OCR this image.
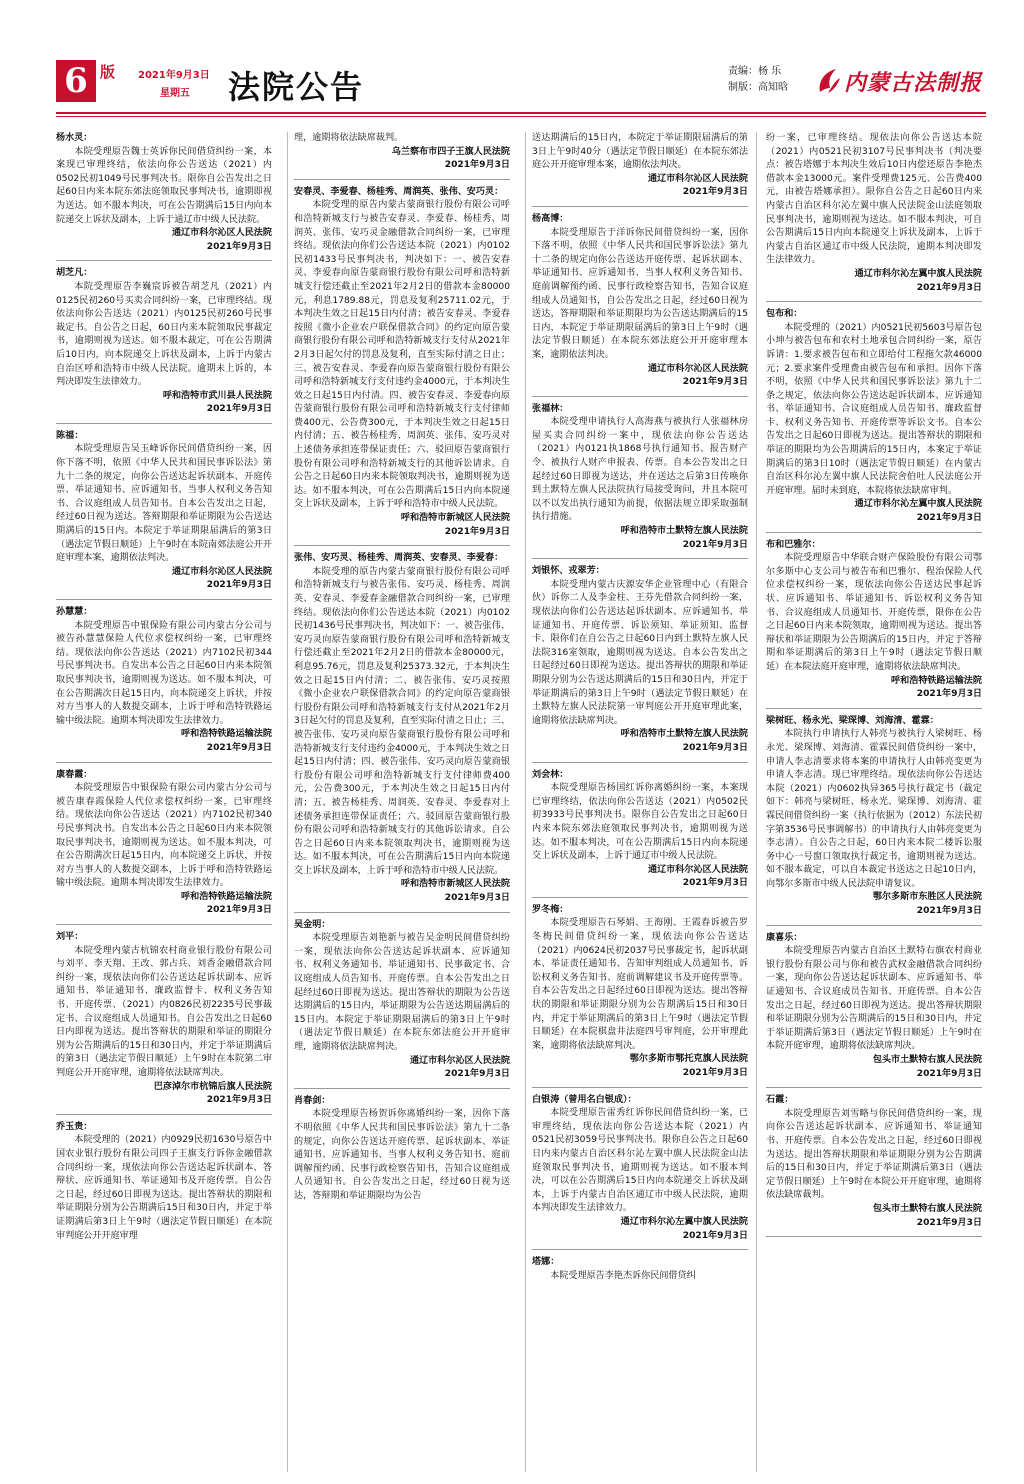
6 版	2021年9月3日
星期五 法院公告	责编：杨 乐
制版：高知晗	内蒙古法制报

杨水灵：

本院受理原告魏士英诉你民间借贷纠纷一案，本案现已审理终结，依法向你公告送达（2021）内0502民初1049号民事判决书。限你自公告发出之日起60日内来本院东郊法庭领取民事判决书，逾期即视为送达。如不服本判决，可在公告期满后15日内向本院递交上诉状及副本，上诉于通辽市中级人民法院。

通辽市科尔沁区人民法院

2021年9月3日

胡芝凡：

本院受理原告李巍宸诉被告胡芝凡（2021）内0125民初260号买卖合同纠纷一案，已审理终结。现依法向你公告送达（2021）内0125民初260号民事裁定书。自公告之日起，60日内来本院领取民事裁定书，逾期则视为送达。如不服本裁定，可在公告期满后10日内，向本院递交上诉状及副本，上诉于内蒙古自治区呼和浩特市中级人民法院。逾期未上诉的，本判决即发生法律效力。

呼和浩特市武川县人民法院

2021年9月3日

陈福：

本院受理原告吴玉峰诉你民间借贷纠纷一案，因你下落不明，依照《中华人民共和国民事诉讼法》第九十二条的规定，向你公告送达起诉状副本、开庭传票、举证通知书、应诉通知书、当事人权利义务告知书、合议庭组成人员告知书。自本公告发出之日起，经过60日视为送达。答辩期限和举证期限为公告送达期满后的15日内。本院定于举证期限届满后的第3日（遇法定节假日顺延）上午9时在本院南郊法庭公开开庭审理本案，逾期依法判决。

通辽市科尔沁区人民法院

2021年9月3日

孙慧慧：

本院受理原告中银保险有限公司内蒙古分公司与被告孙慧慧保险人代位求偿权纠纷一案，已审理终结。现依法向你公告送达（2021）内7102民初344号民事判决书。自发出本公告之日起60日内来本院领取民事判决书，逾期则视为送达。如不服本判决，可在公告期满次日起15日内，向本院递交上诉状，并按对方当事人的人数提交副本，上诉于呼和浩特铁路运输中级法院。逾期本判决即发生法律效力。

呼和浩特铁路运输法院

2021年9月3日

康春霞：

本院受理原告中银保险有限公司内蒙古分公司与被告康春霞保险人代位求偿权纠纷一案，已审理终结。现依法向你公告送达（2021）内7102民初340号民事判决书。自发出本公告之日起60日内来本院领取民事判决书，逾期则视为送达。如不服本判决，可在公告期满次日起15日内，向本院递交上诉状，并按对方当事人的人数提交副本，上诉于呼和浩特铁路运输中级法院。逾期本判决即发生法律效力。

呼和浩特铁路运输法院

2021年9月3日

刘平：

本院受理内蒙古杭锦农村商业银行股份有限公司与刘平、李天翔、王改、郭占兵、刘香金融借款合同纠纷一案，现依法向你们公告送达起诉状副本、应诉通知书、举证通知书、廉政监督卡、权利义务告知书、开庭传票、（2021）内0826民初2235号民事裁定书、合议庭组成人员通知书。自公告发出之日起60日内即视为送达。提出答辩状的期限和举证的期限分别为公告期满后的15日和30日内，并定于举证期满后的第3日（遇法定节假日顺延）上午9时在本院第二审判庭公开开庭审理，逾期将依法缺席判决。

巴彦淖尔市杭锦后旗人民法院

2021年9月3日

乔玉贵：

本院受理的（2021）内0929民初1630号原告中国农业银行股份有限公司四子王旗支行诉你金融借款合同纠纷一案，现依法向你公告送达起诉状副本、答辩状、应诉通知书、举证通知书及开庭传票。自公告之日起，经过60日即视为送达。提出答辩状的期限和举证期限分别为公告期满后15日和30日内，并定于举证期满后第3日上午9时（遇法定节假日顺延）在本院审判庭公开开庭审理

理，逾期将依法缺席裁判。

乌兰察布市四子王旗人民法院

2021年9月3日

安春灵、李爱春、杨桂秀、周润英、张伟、安巧灵：

本院受理的原告内蒙古蒙商银行股份有限公司呼和浩特新城支行与被告安春灵、李爱春、杨桂秀、周润英、张伟、安巧灵金融借款合同纠纷一案，已审理终结。现依法向你们公告送达本院（2021）内0102民初1433号民事判决书，判决如下：一、被告安春灵、李爱春向原告蒙商银行股份有限公司呼和浩特新城支行偿还截止至2021年2月2日的借款本金80000元，利息1789.88元，罚息及复利25711.02元，于本判决生效之日起15日内付清；被告安春灵、李爱春按照《微小企业农户联保借款合同》的约定向原告蒙商银行股份有限公司呼和浩特新城支行支付从2021年2月3日起欠付的罚息及复利，直至实际付清之日止；三、被告安春灵、李爱春向原告蒙商银行股份有限公司呼和浩特新城支行支付违约金4000元，于本判决生效之日起15日内付清。四、被告安春灵、李爱春向原告蒙商银行股份有限公司呼和浩特新城支行支付律师费400元、公告费300元，于本判决生效之日起15日内付清；五、被告杨桂秀、周润英、张伟、安巧灵对上述债务承担连带保证责任；六、驳回原告蒙商银行股份有限公司呼和浩特新城支行的其他诉讼请求。自公告之日起60日内来本院领取判决书，逾期则视为送达。如不服本判决，可在公告期满后15日内向本院递交上诉状及副本，上诉于呼和浩特市中级人民法院。

呼和浩特市新城区人民法院

2021年9月3日

张伟、安巧灵、杨桂秀、周润英、安春灵、李爱春：

本院受理的原告内蒙古蒙商银行股份有限公司呼和浩特新城支行与被告张伟、安巧灵、杨桂秀、周润英、安春灵、李爱春金融借款合同纠纷一案，已审理终结。现依法向你们公告送达本院（2021）内0102民初1436号民事判决书，判决如下：一、被告张伟、安巧灵向原告蒙商银行股份有限公司呼和浩特新城支行偿还截止至2021年2月2日的借款本金80000元，利息95.76元，罚息及复利25373.32元，于本判决生效之日起15日内付清；二、被告张伟、安巧灵按照《微小企业农户联保借款合同》的约定向原告蒙商银行股份有限公司呼和浩特新城支行支付从2021年2月3日起欠付的罚息及复利，直至实际付清之日止；三、被告张伟、安巧灵向原告蒙商银行股份有限公司呼和浩特新城支行支付违约金4000元，于本判决生效之日起15日内付清；四、被告张伟、安巧灵向原告蒙商银行股份有限公司呼和浩特新城支行支付律师费400元，公告费300元，于本判决生效之日起15日内付清；五、被告杨桂秀、周润英、安春灵、李爱春对上述债务承担连带保证责任；六、驳回原告蒙商银行股份有限公司呼和浩特新城支行的其他诉讼请求。自公告之日起60日内来本院领取判决书，逾期则视为送达。如不服本判决，可在公告期满后15日内向本院递交上诉状及副本，上诉于呼和浩特市中级人民法院。

呼和浩特市新城区人民法院

2021年9月3日

吴金明：

本院受理原告刘艳新与被告吴金明民间借贷纠纷一案，现依法向你公告送达起诉状副本、应诉通知书、权利义务通知书、举证通知书、民事裁定书、合议庭组成人员告知书、开庭传票。自本公告发出之日起经过60日即视为送达。提出答辩状的期限为公告送达期满后的15日内，举证期限为公告送达期届满后的15日内。本院定于举证期限届满后的第3日上午9时（遇法定节假日顺延）在本院东郊法庭公开开庭审理，逾期将依法缺席判决。

通辽市科尔沁区人民法院

2021年9月3日

肖春剑：

本院受理原告杨贺诉你离婚纠纷一案，因你下落不明依照《中华人民共和国民事诉讼法》第九十二条的规定，向你公告送达开庭传票、起诉状副本、举证通知书、应诉通知书、当事人权利义务告知书、庭前调解预约函、民事行政检察告知书，告知合议庭组成人员通知书。自公告发出之日起，经过60日视为送达，答辩期和举证期限均为公告

送达期满后的15日内，本院定于举证期限届满后的第3日上午9时40分（遇法定节假日顺延）在本院东郊法庭公开开庭审理本案，逾期依法判决。

通辽市科尔沁区人民法院

2021年9月3日

杨高博：

本院受理原告于洋诉你民间借贷纠纷一案，因你下落不明，依照《中华人民共和国民事诉讼法》第九十二条的规定向你公告送达开庭传票、起诉状副本、举证通知书、应诉通知书、当事人权利义务告知书、庭前调解预约函、民事行政检察告知书，告知合议庭组成人员通知书，自公告发出之日起，经过60日视为送达，答辩期限和举证期限均为公告送达期满后的15日内，本院定于举证期限届满后的第3日上午9时（遇法定节假日顺延）在本院东郊法庭公开开庭审理本案，逾期依法判决。

通辽市科尔沁区人民法院

2021年9月3日

张福林：

本院受理申请执行人高海燕与被执行人张福林房屋买卖合同纠纷一案中，现依法向你公告送达（2021）内0121执1868号执行通知书、报告财产令、被执行人财产申报表、传票。自本公告发出之日起经过60日即视为送达，并在送达之后第3日传唤你到土默特左旗人民法院执行局接受询问，并且本院可以不以发出执行通知为前提，依据法规立即采取强制执行措施。

呼和浩特市土默特左旗人民法院

2021年9月3日

刘银怀、戎翠芳：

本院受理内蒙古庆源安华企业管理中心（有限合伙）诉你二人及李金柱、王芬先借款合同纠纷一案，现依法向你们公告送达起诉状副本、应诉通知书、举证通知书、开庭传票、诉讼须知、举证须知、监督卡、限你们在自公告之日起60日内到土默特左旗人民法院316室领取，逾期则视为送达。自本公告发出之日起经过60日即视为送达。提出答辩状的期限和举证期限分别为公告送达期满后的15日和30日内，并定于举证期满后的第3日上午9时（遇法定节假日顺延）在土默特左旗人民法院第一审判庭公开开庭审理此案，逾期将依法缺席判决。

呼和浩特市土默特左旗人民法院

2021年9月3日

刘会林：

本院受理原告杨国红诉你离婚纠纷一案，本案现已审理终结，依法向你公告送达（2021）内0502民初3933号民事判决书。限你自公告发出之日起60日内来本院东郊法庭领取民事判决书，逾期则视为送达。如不服本判决，可在公告期满后15日内向本院递交上诉状及副本，上诉于通辽市中级人民法院。

通辽市科尔沁区人民法院

2021年9月3日

罗冬梅：

本院受理原告石琴娟、王海刚、王霞春诉被告罗冬梅民间借贷纠纷一案，现依法向你公告送达（2021）内0624民初2037号民事裁定书，起诉状副本、举证责任通知书、告知审判组成人员通知书、诉讼权利义务告知书、庭前调解建议书及开庭传票等。自本公告发出之日起经过60日即视为送达。提出答辩状的期限和举证期限分别为公告期满后15日和30日内，并定于举证期满后的第3日上午9时（遇法定节假日顺延）在本院棋盘井法庭四号审判庭，公开审理此案，逾期将依法缺席判决。

鄂尔多斯市鄂托克旗人民法院

2021年9月3日

白银涛（曾用名白银成）：

本院受理原告雷秀红诉你民间借贷纠纷一案，已审理终结，现依法向你公告送达本院（2021）内0521民初3059号民事判决书。限你自公告之日起60日内来内蒙古自治区科尔沁左翼中旗人民法院金山法庭领取民事判决书，逾期则视为送达。如不服本判决，可以在公告期满后15日内向本院递交上诉状及副本，上诉于内蒙古自治区通辽市中级人民法院，逾期本判决即发生法律效力。

通辽市科尔沁左翼中旗人民法院

2021年9月3日

塔娜：

本院受理原告李艳杰诉你民间借贷纠

纷一案，已审理终结。现依法向你公告送达本院（2021）内0521民初3107号民事判决书（判决要点：被告塔娜于本判决生效后10日内偿还原告李艳杰借款本金13000元。案件受理费125元、公告费400元，由被告塔娜承担）。限你自公告之日起60日内来内蒙古自治区科尔沁左翼中旗人民法院金山法庭领取民事判决书，逾期则视为送达。如不服本判决，可自公告期满后15日内向本院递交上诉状及副本，上诉于内蒙古自治区通辽市中级人民法院，逾期本判决即发生法律效力。

通辽市科尔沁左翼中旗人民法院

2021年9月3日

包布和：

本院受理的（2021）内0521民初5603号原告包小坤与被告包布和农村土地承包合同纠纷一案，原告诉请：1.要求被告包布和立即给付工程拖欠款46000元；2.要求案件受理费由被告包布和承担。因你下落不明，依照《中华人民共和国民事诉讼法》第九十二条之规定，依法向你公告送达起诉状副本、应诉通知书、举证通知书、合议庭组成人员告知书、廉政监督卡、权利义务告知书、开庭传票等诉讼文书。自本公告发出之日起60日即视为送达。提出答辩状的期限和举证的期限均为公告期满后的15日内，本案定于举证期满后的第3日10时（遇法定节假日顺延）在内蒙古自治区科尔沁左翼中旗人民法院舍伯吐人民法庭公开开庭审理。届时未到庭，本院将依法缺席审判。

通辽市科尔沁左翼中旗人民法院

2021年9月3日

布和巴雅尔：

本院受理原告中华联合财产保险股份有限公司鄂尔多斯中心支公司与被告布和巴雅尔、程治保险人代位求偿权纠纷一案，现依法向你公告送达民事起诉状、应诉通知书、举证通知书、诉讼权利义务告知书、合议庭组成人员通知书、开庭传票，限你在公告之日起60日内来本院领取，逾期则视为送达。提出答辩状和举证期限为公告期满后的15日内，并定于答辩期和举证期满后的第3日上午9时（遇法定节假日顺延）在本院法庭开庭审理，逾期将依法缺席判决。

呼和浩特铁路运输法院

2021年9月3日

梁树旺、杨永光、梁琛博、刘海清、霍霖：

本院执行申请执行人韩亮与被执行人梁树旺、杨永光、梁琛博、刘海清、霍霖民间借贷纠纷一案中，申请人李志清要求将本案的申请执行人由韩亮变更为申请人李志清。现已审理终结。现依法向你公告送达本院（2021）内0602执异365号执行裁定书（裁定如下：韩亮与梁树旺、杨永光、梁琛博、刘海清、霍霖民间借贷纠纷一案（执行依据为（2012）东法民初字第3536号民事调解书）的申请执行人由韩亮变更为李志清）。自公告之日起，60日内来本院二楼诉讼服务中心一号窗口领取执行裁定书，逾期则视为送达。如不服本裁定，可以自本裁定书送达之日起10日内，向鄂尔多斯市中级人民法院申请复议。

鄂尔多斯市东胜区人民法院

2021年9月3日

康喜乐：

本院受理原告内蒙古自治区土默特右旗农村商业银行股份有限公司与你和被告武权金融借款合同纠纷一案，现向你公告送达起诉状副本、应诉通知书、举证通知书、合议庭成员告知书、开庭传票。自本公告发出之日起，经过60日即视为送达。提出答辩状期限和举证期限分别为公告期满后的15日和30日内，并定于举证期满后第3日（遇法定节假日顺延）上午9时在本院开庭审理，逾期将依法缺席判决。

包头市土默特右旗人民法院

2021年9月3日

石霞：

本院受理原告刘雪略与你民间借贷纠纷一案，现向你公告送达起诉状副本、应诉通知书、举证通知书、开庭传票。自本公告发出之日起，经过60日即视为送达。提出答辩状期限和举证期限分别为公告期满后的15日和30日内，并定于举证期满后第3日（遇法定节假日顺延）上午9时在本院公开开庭审理，逾期将依法缺席裁判。

包头市土默特右旗人民法院

2021年9月3日
